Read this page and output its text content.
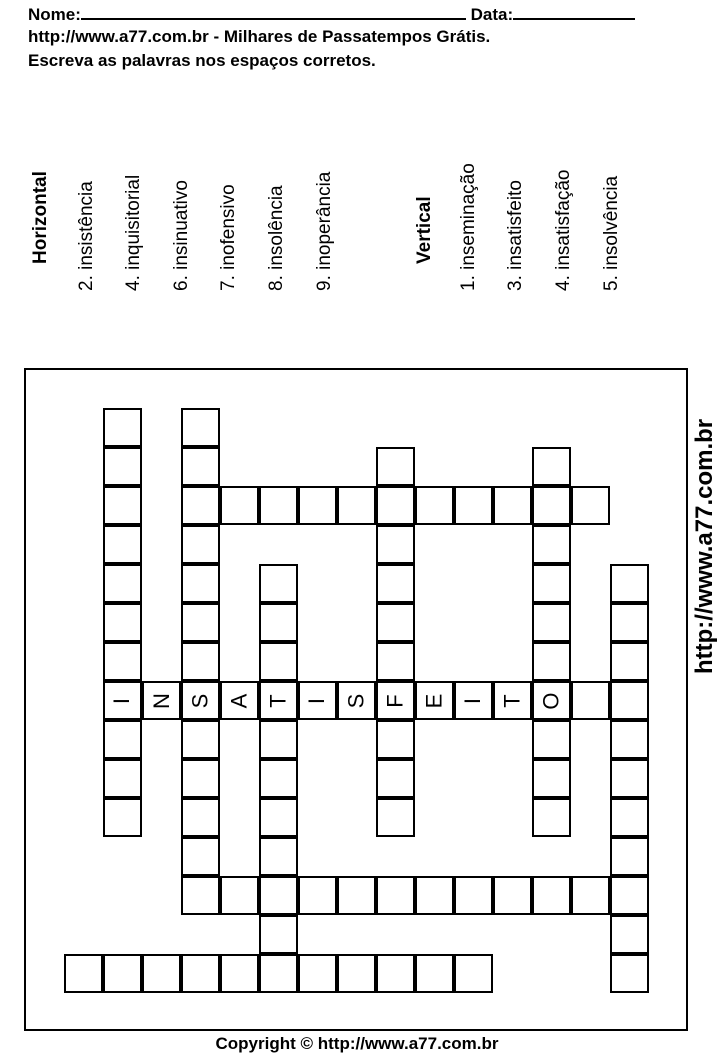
Nome:	Data:
http://www.a77.com.br - Milhares de Passatempos Grátis.
Escreva as palavras nos espaços corretos.
Horizontal 2. insistência 4. inquisitorial 6. insinuativo 7. inofensivo 8. insolência 9. inoperância	Vertical 1. inseminação 3. insatisfeito 4. insatisfação 5. insolvência
I S T	F	O
N A I S E I T
http://www.a77.com.br
Copyright © http://www.a77.com.br
